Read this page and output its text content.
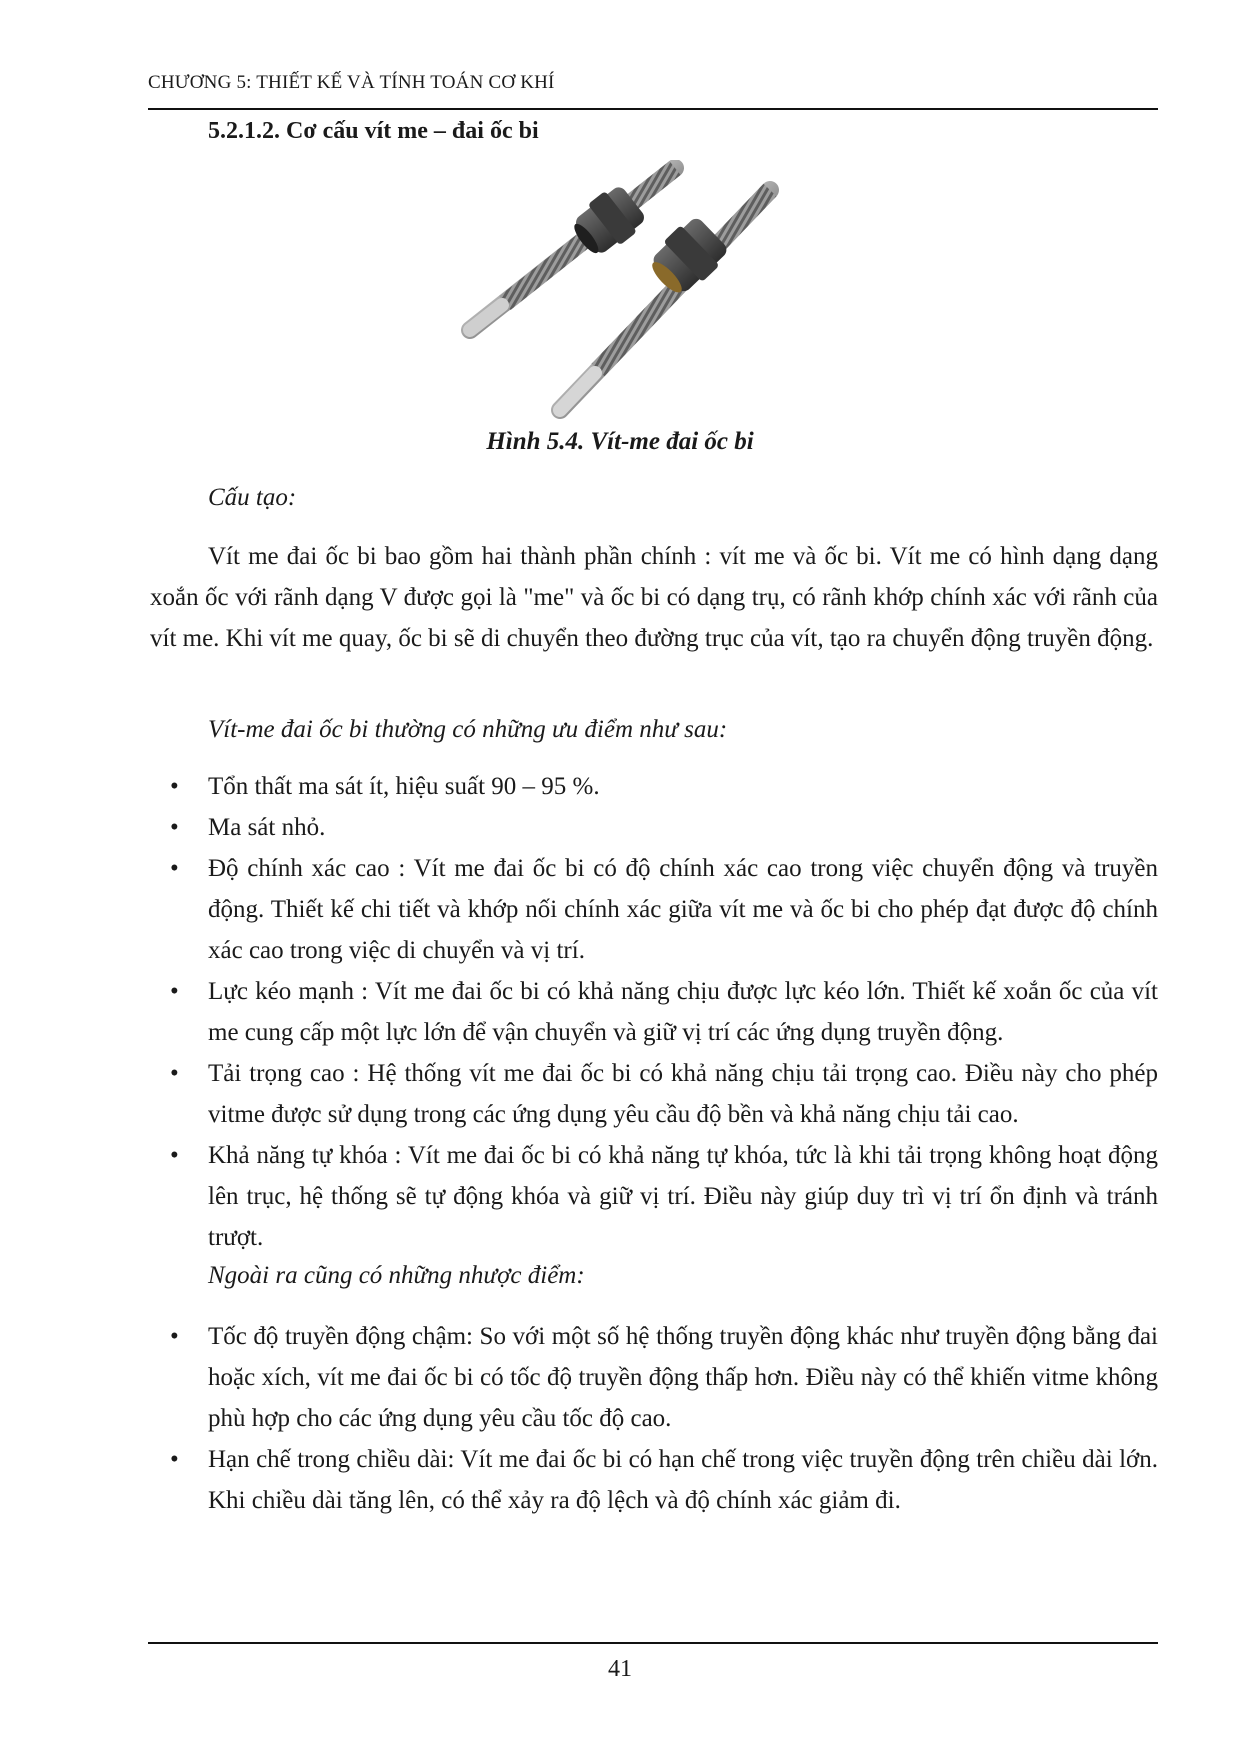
CHƯƠNG 5: THIẾT KẾ VÀ TÍNH TOÁN CƠ KHÍ
5.2.1.2. Cơ cấu vít me – đai ốc bi
Hình 5.4. Vít-me đai ốc bi
Cấu tạo:

Vít me đai ốc bi bao gồm hai thành phần chính : vít me và ốc bi. Vít me có hình dạng dạng xoắn ốc với rãnh dạng V được gọi là "me" và ốc bi có dạng trụ, có rãnh khớp chính xác với rãnh của vít me. Khi vít me quay, ốc bi sẽ di chuyển theo đường trục của vít, tạo ra chuyển động truyền động.

Vít-me đai ốc bi thường có những ưu điểm như sau:
• Tổn thất ma sát ít, hiệu suất 90 – 95 %.
• Ma sát nhỏ.
• Độ chính xác cao : Vít me đai ốc bi có độ chính xác cao trong việc chuyển động và truyền động. Thiết kế chi tiết và khớp nối chính xác giữa vít me và ốc bi cho phép đạt được độ chính xác cao trong việc di chuyển và vị trí.
• Lực kéo mạnh : Vít me đai ốc bi có khả năng chịu được lực kéo lớn. Thiết kế xoắn ốc của vít me cung cấp một lực lớn để vận chuyển và giữ vị trí các ứng dụng truyền động.
• Tải trọng cao : Hệ thống vít me đai ốc bi có khả năng chịu tải trọng cao. Điều này cho phép vitme được sử dụng trong các ứng dụng yêu cầu độ bền và khả năng chịu tải cao.
• Khả năng tự khóa : Vít me đai ốc bi có khả năng tự khóa, tức là khi tải trọng không hoạt động lên trục, hệ thống sẽ tự động khóa và giữ vị trí. Điều này giúp duy trì vị trí ổn định và tránh trượt.
Ngoài ra cũng có những nhược điểm:
• Tốc độ truyền động chậm: So với một số hệ thống truyền động khác như truyền động bằng đai hoặc xích, vít me đai ốc bi có tốc độ truyền động thấp hơn. Điều này có thể khiến vitme không phù hợp cho các ứng dụng yêu cầu tốc độ cao.
• Hạn chế trong chiều dài: Vít me đai ốc bi có hạn chế trong việc truyền động trên chiều dài lớn. Khi chiều dài tăng lên, có thể xảy ra độ lệch và độ chính xác giảm đi.
41
